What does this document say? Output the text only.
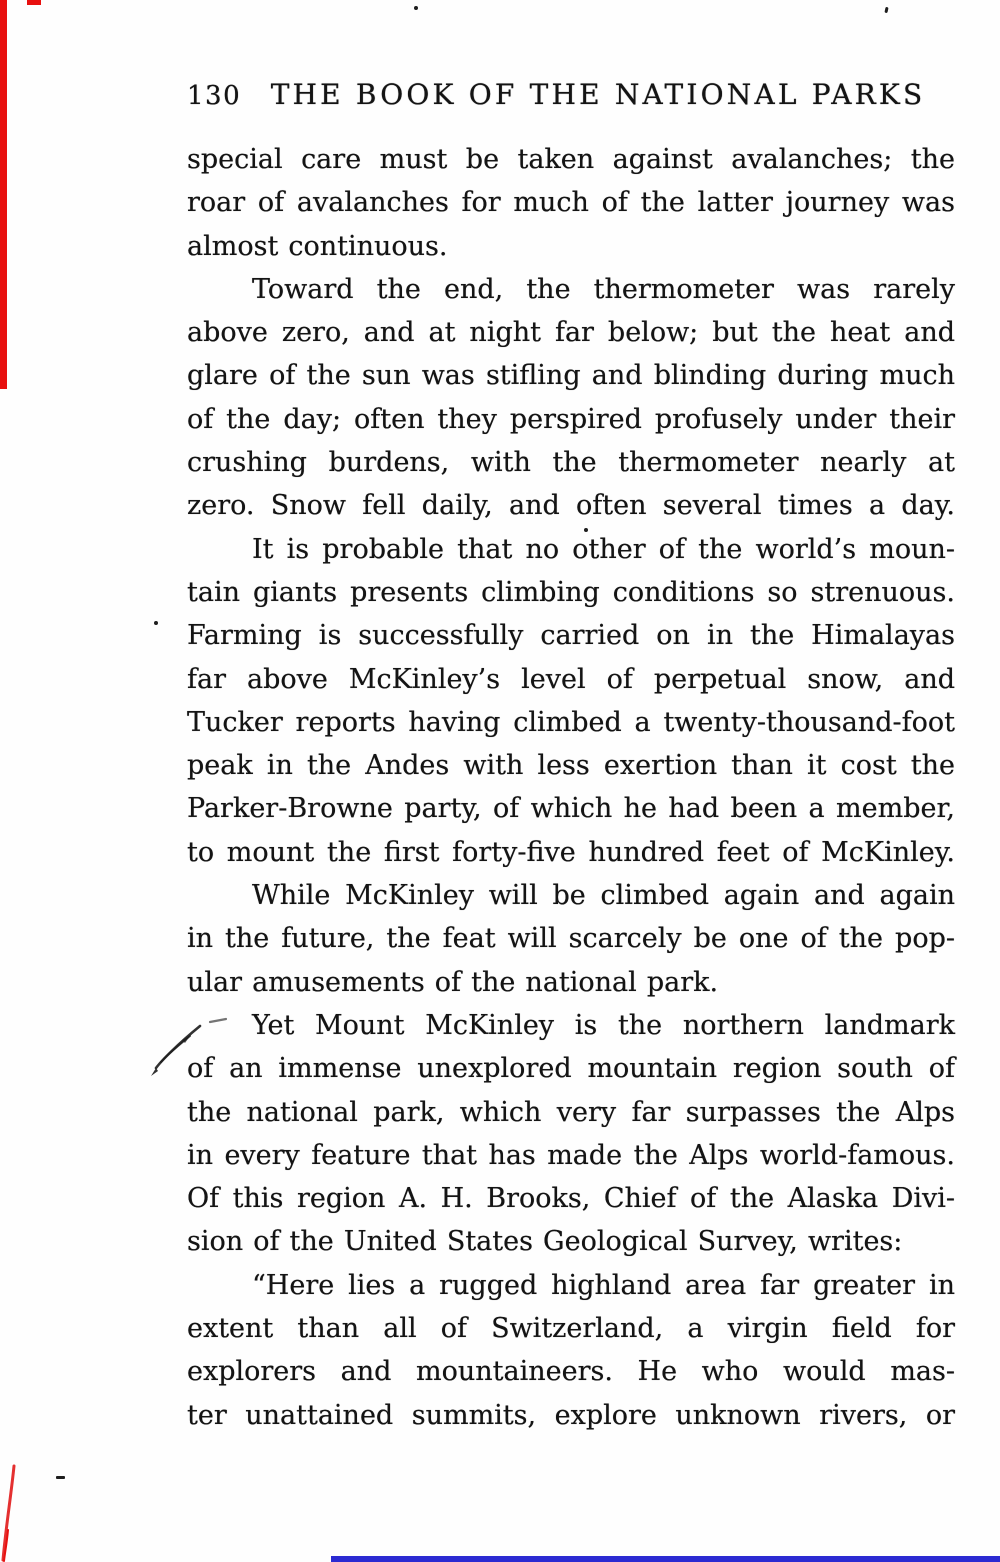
130	THE BOOK OF THE NATIONAL PARKS
special care must be taken against avalanches; the
roar of avalanches for much of the latter journey was
almost continuous.
Toward the end, the thermometer was rarely
above zero, and at night far below; but the heat and
glare of the sun was stifling and blinding during much
of the day; often they perspired profusely under their
crushing burdens, with the thermometer nearly at
zero. Snow fell daily, and often several times a day.
It is probable that no other of the world’s moun-
tain giants presents climbing conditions so strenuous.
Farming is successfully carried on in the Himalayas
far above McKinley’s level of perpetual snow, and
Tucker reports having climbed a twenty-thousand-foot
peak in the Andes with less exertion than it cost the
Parker-Browne party, of which he had been a member,
to mount the first forty-five hundred feet of McKinley.
While McKinley will be climbed again and again
in the future, the feat will scarcely be one of the pop-
ular amusements of the national park.
Yet Mount McKinley is the northern landmark
of an immense unexplored mountain region south of
the national park, which very far surpasses the Alps
in every feature that has made the Alps world-famous.
Of this region A. H. Brooks, Chief of the Alaska Divi-
sion of the United States Geological Survey, writes:
“Here lies a rugged highland area far greater in
extent than all of Switzerland, a virgin field for
explorers and mountaineers. He who would mas-
ter unattained summits, explore unknown rivers, or
